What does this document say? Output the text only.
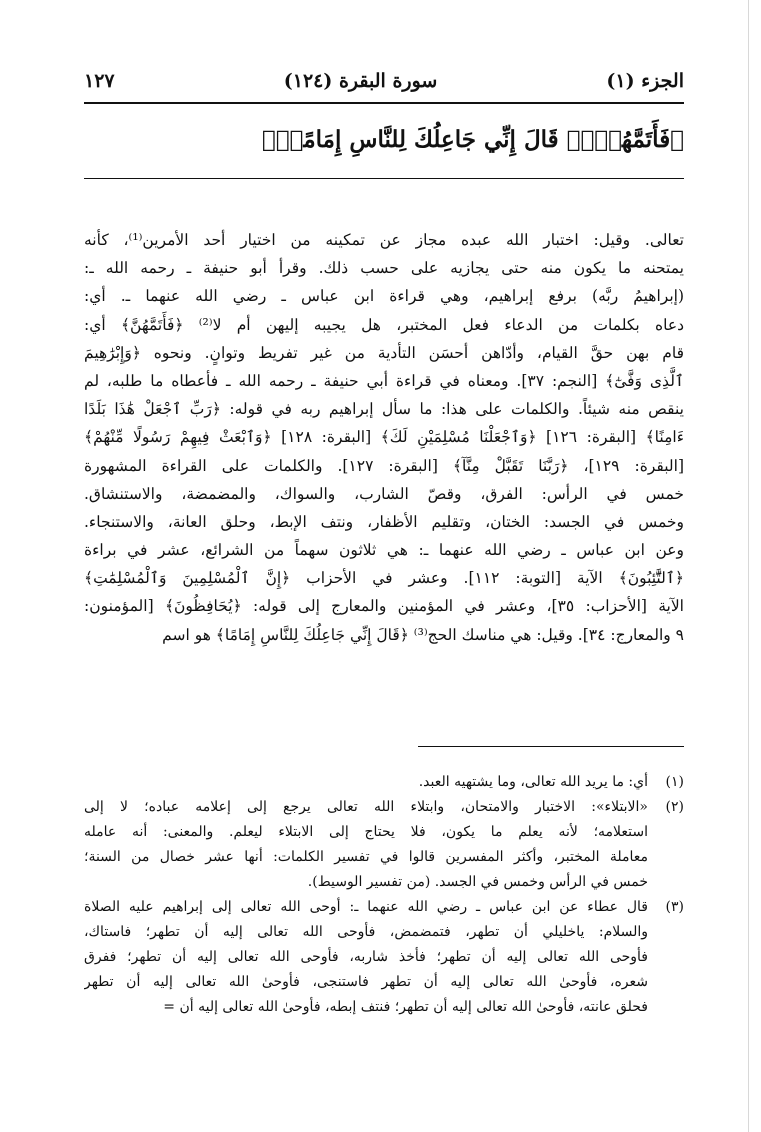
الجزء (١)
سورة البقرة (١٢٤)
١٢٧
﴿فَأَتَمَّهُنَّۖ قَالَ إِنِّي جَاعِلُكَ لِلنَّاسِ إِمَامًاۖ﴾
تعالى. وقيل: اختبار الله عبده مجاز عن تمكينه من اختيار أحد الأمرين⁽¹⁾، كأنه
يمتحنه ما يكون منه حتى يجازيه على حسب ذلك. وقرأ أبو حنيفة ـ رحمه الله ـ:
(إبراهيمُ ربَّه) برفع إبراهيم، وهي قراءة ابن عباس ـ رضي الله عنهما ـ. أي:
دعاه بكلمات من الدعاء فعل المختبر، هل يجيبه إليهن أم لا⁽²⁾ ﴿فَأَتَمَّهُنَّ﴾ أي:
قام بهن حقَّ القيام، وأدّاهن أحسَن التأدية من غير تفريط وتوانٍ. ونحوه ﴿وَإِبْرَٰهِيمَ
ٱلَّذِى وَفَّىٰٓ﴾ [النجم: ٣٧]. ومعناه في قراءة أبي حنيفة ـ رحمه الله ـ فأعطاه ما طلبه، لم
ينقص منه شيئاً. والكلمات على هذا: ما سأل إبراهيم ربه في قوله: ﴿رَبِّ ٱجْعَلْ هَٰذَا بَلَدًا
ءَامِنًا﴾ [البقرة: ١٢٦] ﴿وَٱجْعَلْنَا مُسْلِمَيْنِ لَكَ﴾ [البقرة: ١٢٨] ﴿وَٱبْعَثْ فِيهِمْ رَسُولًا مِّنْهُمْ﴾
[البقرة: ١٢٩]، ﴿رَبَّنَا تَقَبَّلْ مِنَّآ﴾ [البقرة: ١٢٧]. والكلمات على القراءة المشهورة
خمس في الرأس: الفرق، وقصّ الشارب، والسواك، والمضمضة، والاستنشاق.
وخمس في الجسد: الختان، وتقليم الأظفار، ونتف الإبط، وحلق العانة، والاستنجاء.
وعن ابن عباس ـ رضي الله عنهما ـ: هي ثلاثون سهماً من الشرائع، عشر في براءة
﴿ٱلتَّٰٓئِبُونَ﴾ الآية [التوبة: ١١٢]. وعشر في الأحزاب ﴿إِنَّ ٱلْمُسْلِمِينَ وَٱلْمُسْلِمَٰتِ﴾
الآية [الأحزاب: ٣٥]، وعشر في المؤمنين والمعارج إلى قوله: ﴿يُحَافِظُونَ﴾ [المؤمنون:
٩ والمعارج: ٣٤]. وقيل: هي مناسك الحج⁽³⁾ ﴿قَالَ إِنِّي جَاعِلُكَ لِلنَّاسِ إِمَامًا﴾ هو اسم
(١)
أي: ما يريد الله تعالى، وما يشتهيه العبد.
(٢)
«الابتلاء»: الاختبار والامتحان، وابتلاء الله تعالى يرجع إلى إعلامه عباده؛ لا إلى
استعلامه؛ لأنه يعلم ما يكون، فلا يحتاج إلى الابتلاء ليعلم. والمعنى: أنه عامله
معاملة المختبر، وأكثر المفسرين قالوا في تفسير الكلمات: أنها عشر خصال من السنة؛
خمس في الرأس وخمس في الجسد. (من تفسير الوسيط).
(٣)
قال عطاء عن ابن عباس ـ رضي الله عنهما ـ: أوحى الله تعالى إلى إبراهيم عليه الصلاة
والسلام: ياخليلي أن تطهر، فتمضمض، فأوحى الله تعالى إليه أن تطهر؛ فاستاك،
فأوحى الله تعالى إليه أن تطهر؛ فأخذ شاربه، فأوحى الله تعالى إليه أن تطهر؛ ففرق
شعره، فأوحىٰ الله تعالى إليه أن تطهر فاستنجى، فأوحىٰ الله تعالى إليه أن تطهر
فحلق عانته، فأوحىٰ الله تعالى إليه أن تطهر؛ فنتف إبطه، فأوحىٰ الله تعالى إليه أن =
